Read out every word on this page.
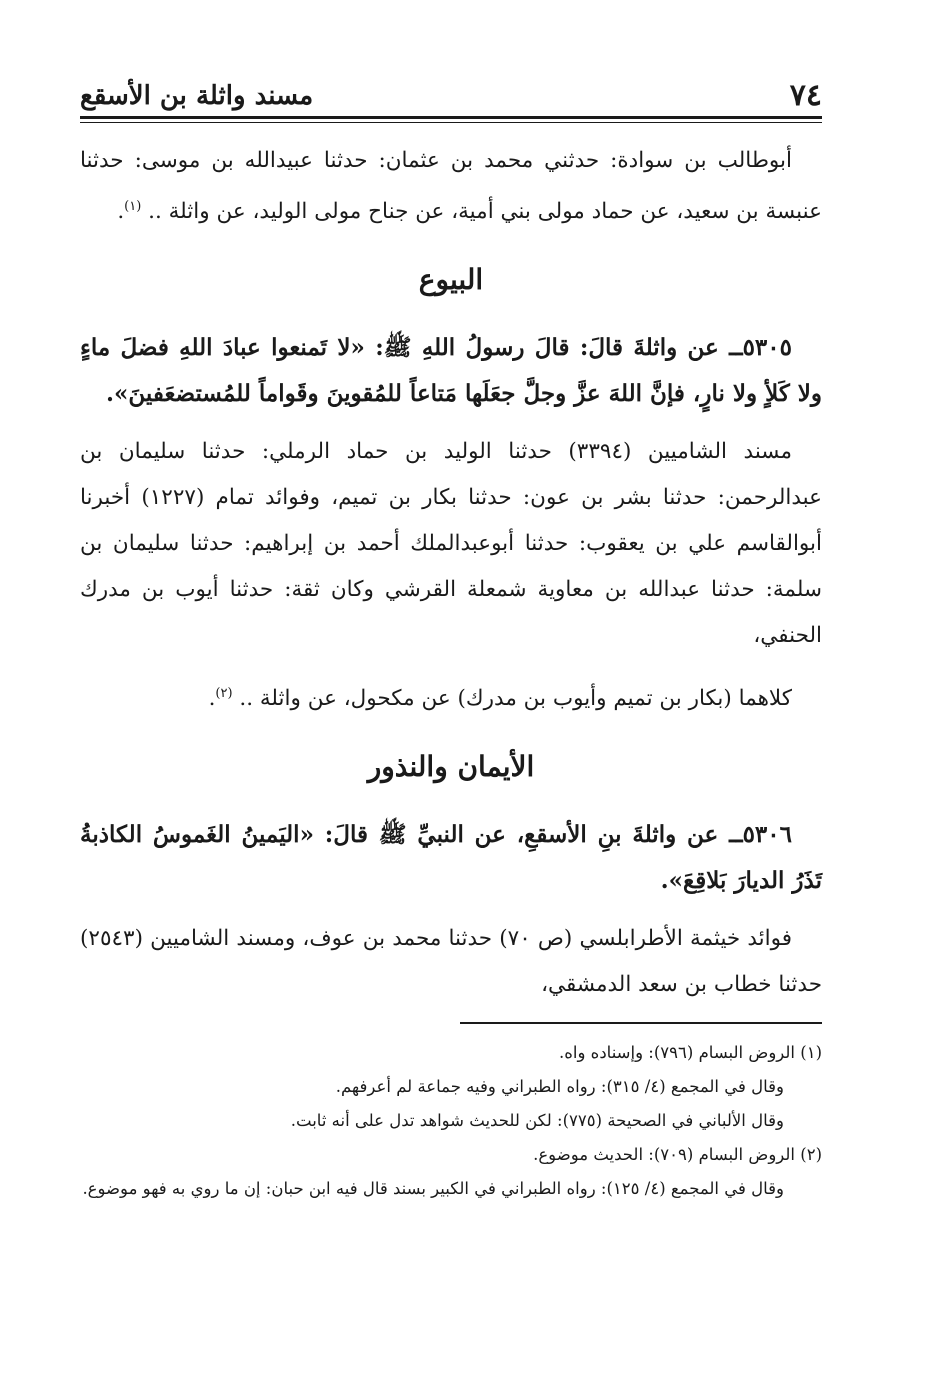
٧٤
مسند واثلة بن الأسقع

أبوطالب بن سوادة: حدثني محمد بن عثمان: حدثنا عبيدالله بن موسى: حدثنا عنبسة بن سعيد، عن حماد مولى بني أمية، عن جناح مولى الوليد، عن واثلة .. $^{(١)}$.

البيوع

٥٣٠٥ــ عن واثلةَ قالَ: قالَ رسولُ اللهِ ﷺ: «لا تَمنعوا عبادَ اللهِ فضلَ ماءٍ ولا كَلأٍ ولا نارٍ، فإنَّ اللهَ عزَّ وجلَّ جعَلَها مَتاعاً للمُقوينَ وقَواماً للمُستضعَفينَ».

مسند الشاميين (٣٣٩٤) حدثنا الوليد بن حماد الرملي: حدثنا سليمان بن عبدالرحمن: حدثنا بشر بن عون: حدثنا بكار بن تميم، وفوائد تمام (١٢٢٧) أخبرنا أبوالقاسم علي بن يعقوب: حدثنا أبوعبدالملك أحمد بن إبراهيم: حدثنا سليمان بن سلمة: حدثنا عبدالله بن معاوية شمعلة القرشي وكان ثقة: حدثنا أيوب بن مدرك الحنفي،

كلاهما (بكار بن تميم وأيوب بن مدرك) عن مكحول، عن واثلة .. $^{(٢)}$.

الأيمان والنذور

٥٣٠٦ــ عن واثلةَ بنِ الأسقعِ، عن النبيِّ ﷺ قالَ: «اليَمينُ الغَموسُ الكاذبةُ تَذَرُ الديارَ بَلاقِعَ».

فوائد خيثمة الأطرابلسي (ص ٧٠) حدثنا محمد بن عوف، ومسند الشاميين (٢٥٤٣) حدثنا خطاب بن سعد الدمشقي،

(١) الروض البسام (٧٩٦): وإسناده واه.

وقال في المجمع (٤/ ٣١٥): رواه الطبراني وفيه جماعة لم أعرفهم.

وقال الألباني في الصحيحة (٧٧٥): لكن للحديث شواهد تدل على أنه ثابت.

(٢) الروض البسام (٧٠٩): الحديث موضوع.

وقال في المجمع (٤/ ١٢٥): رواه الطبراني في الكبير بسند قال فيه ابن حبان: إن ما روي به فهو موضوع.
